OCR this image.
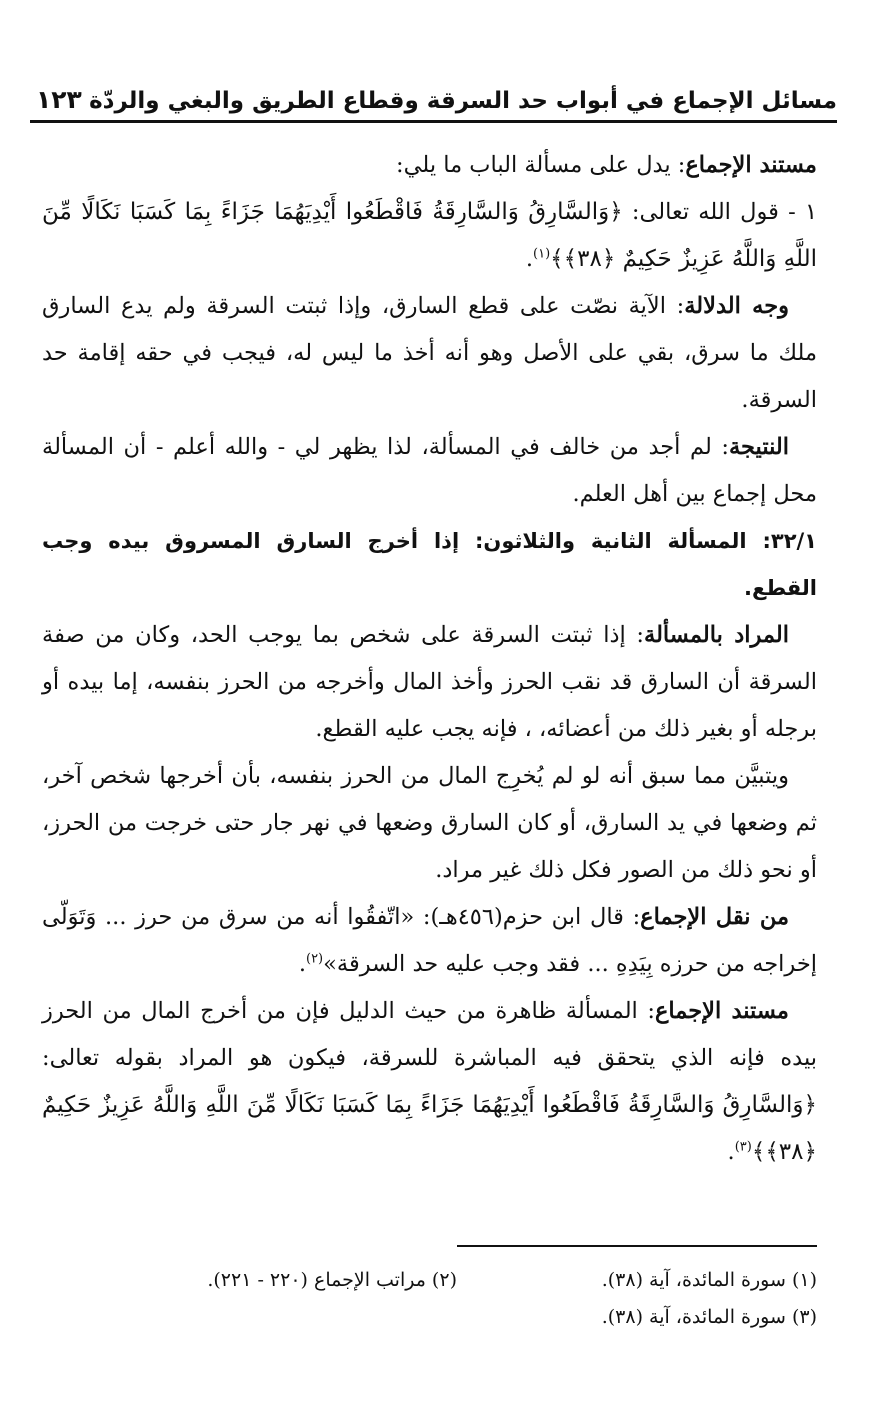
مسائل الإجماع في أبواب حد السرقة وقطاع الطريق والبغي والردّة
١٢٣

مستند الإجماع: يدل على مسألة الباب ما يلي:

١ - قول الله تعالى: ﴿وَالسَّارِقُ وَالسَّارِقَةُ فَاقْطَعُوا أَيْدِيَهُمَا جَزَاءً بِمَا كَسَبَا نَكَالًا مِّنَ اللَّهِ وَاللَّهُ عَزِيزٌ حَكِيمٌ ﴿٣٨﴾﴾$^{(١)}$.

وجه الدلالة: الآية نصّت على قطع السارق، وإذا ثبتت السرقة ولم يدع السارق ملك ما سرق، بقي على الأصل وهو أنه أخذ ما ليس له، فيجب في حقه إقامة حد السرقة.

النتيجة: لم أجد من خالف في المسألة، لذا يظهر لي - والله أعلم - أن المسألة محل إجماع بين أهل العلم.

٣٢/١: المسألة الثانية والثلاثون: إذا أخرج السارق المسروق بيده وجب القطع.

المراد بالمسألة: إذا ثبتت السرقة على شخص بما يوجب الحد، وكان من صفة السرقة أن السارق قد نقب الحرز وأخذ المال وأخرجه من الحرز بنفسه، إما بيده أو برجله أو بغير ذلك من أعضائه، ، فإنه يجب عليه القطع.

ويتبيَّن مما سبق أنه لو لم يُخرِج المال من الحرز بنفسه، بأن أخرجها شخص آخر، ثم وضعها في يد السارق، أو كان السارق وضعها في نهر جار حتى خرجت من الحرز، أو نحو ذلك من الصور فكل ذلك غير مراد.

من نقل الإجماع: قال ابن حزم(٤٥٦هـ): «اتّفقُوا أنه من سرق من حرز ... وَتَوَلّى إخراجه من حرزه بِيَدِهِ ... فقد وجب عليه حد السرقة»$^{(٢)}$.

مستند الإجماع: المسألة ظاهرة من حيث الدليل فإن من أخرج المال من الحرز بيده فإنه الذي يتحقق فيه المباشرة للسرقة، فيكون هو المراد بقوله تعالى: ﴿وَالسَّارِقُ وَالسَّارِقَةُ فَاقْطَعُوا أَيْدِيَهُمَا جَزَاءً بِمَا كَسَبَا نَكَالًا مِّنَ اللَّهِ وَاللَّهُ عَزِيزٌ حَكِيمٌ ﴿٣٨﴾﴾$^{(٣)}$.

(١) سورة المائدة، آية (٣٨).
(٢) مراتب الإجماع (٢٢٠ - ٢٢١).
(٣) سورة المائدة، آية (٣٨).
